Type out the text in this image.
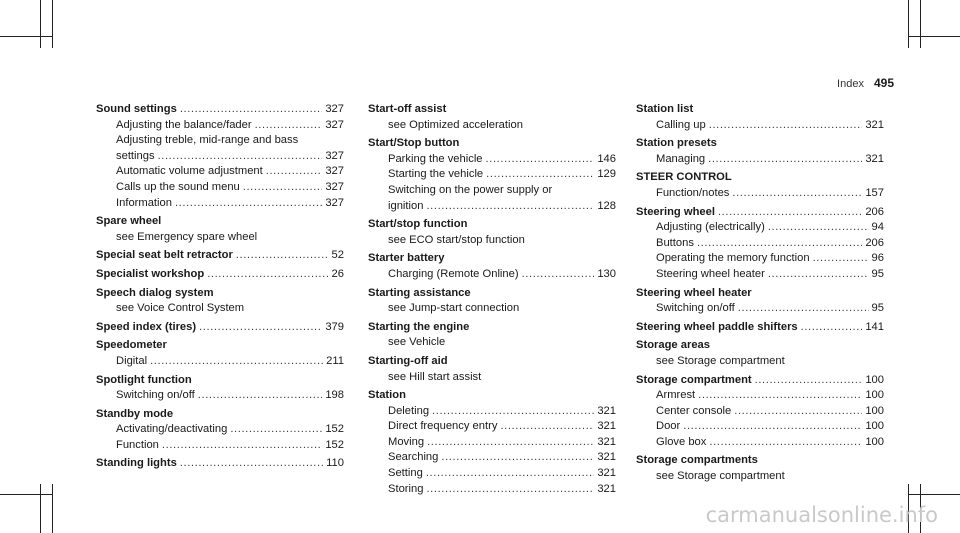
Index 495
Sound settings .....	327
Adjusting the balance/fader .....	327
Adjusting treble, mid-range and bass
settings .....	327
Automatic volume adjustment .....	327
Calls up the sound menu .....	327
Information .....	327
Spare wheel
see Emergency spare wheel
Special seat belt retractor .....	52
Specialist workshop .....	26
Speech dialog system
see Voice Control System
Speed index (tires) .....	379
Speedometer
Digital .....	211
Spotlight function
Switching on/off .....	198
Standby mode
Activating/deactivating .....	152
Function .....	152
Standing lights .....	110
Start-off assist
see Optimized acceleration
Start/Stop button
Parking the vehicle .....	146
Starting the vehicle .....	129
Switching on the power supply or
ignition .....	128
Start/stop function
see ECO start/stop function
Starter battery
Charging (Remote Online) .....	130
Starting assistance
see Jump-start connection
Starting the engine
see Vehicle
Starting-off aid
see Hill start assist
Station
Deleting .....	321
Direct frequency entry .....	321
Moving .....	321
Searching .....	321
Setting .....	321
Storing .....	321
Station list
Calling up .....	321
Station presets
Managing .....	321
STEER CONTROL
Function/notes .....	157
Steering wheel .....	206
Adjusting (electrically) .....	94
Buttons .....	206
Operating the memory function .....	96
Steering wheel heater .....	95
Steering wheel heater
Switching on/off .....	95
Steering wheel paddle shifters .....	141
Storage areas
see Storage compartment
Storage compartment .....	100
Armrest .....	100
Center console .....	100
Door .....	100
Glove box .....	100
Storage compartments
see Storage compartment
carmanualsonline.info
